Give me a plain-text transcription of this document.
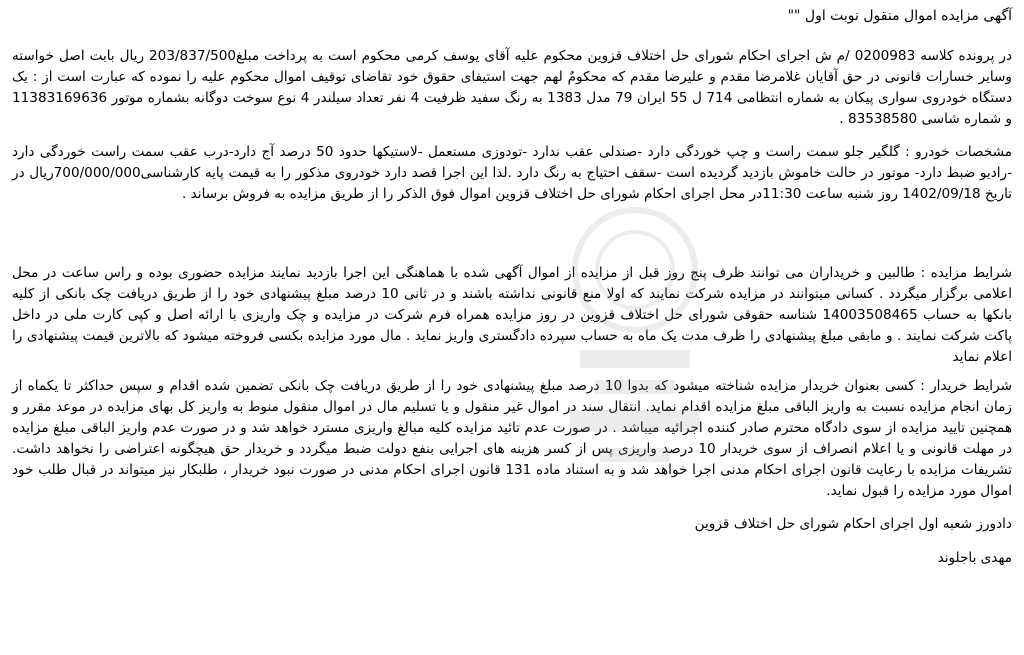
آگهی مزایده اموال منقول نوبت اول ""

در پرونده کلاسه 0200983 /م ش اجرای احکام شورای حل اختلاف قزوین محکوم علیه آقای یوسف کرمی محکوم است به پرداخت مبلغ203/837/500 ریال بابت اصل خواسته وسایر خسارات قانونی در حق آقایان غلامرضا مقدم و علیرضا مقدم که محکومٌ لهم جهت استیفای حقوق خود تقاضای توقیف اموال محکوم علیه را نموده که عبارت است از : یک دستگاه خودروی سواری پیکان به شماره انتظامی 714 ل 55 ایران 79 مدل 1383 به رنگ سفید ظرفیت 4 نفر تعداد سیلندر 4 نوع سوخت دوگانه بشماره موتور 11383169636 و شماره شاسی 83538580 .

مشخصات خودرو : گلگیر جلو سمت راست و چپ خوردگی دارد -صندلی عقب ندارد -تودوزی مستعمل -لاستیکها حدود 50 درصد آج دارد-درب عقب سمت راست خوردگی دارد -رادیو ضبط دارد- موتور در حالت خاموش بازدید گردیده است -سقف احتیاج به رنگ دارد .لذا این اجرا قصد دارد خودروی مذکور را به قیمت پایه کارشناسی700/000/000ریال در تاریخ 1402/09/18 روز شنبه ساعت 11:30در محل اجرای احکام شورای حل اختلاف قزوین اموال فوق الذکر را از طریق مزایده به فروش برساند .

شرایط مزایده : طالبین و خریداران می توانند ظرف پنج روز قبل از مزایده از اموال آگهی شده با هماهنگی این اجرا بازدید نمایند مزایده حضوری بوده و راس ساعت در محل اعلامی برگزار میگردد . کسانی میتوانند در مزایده شرکت نمایند که اولا منع قانونی نداشته باشند و در ثانی 10 درصد مبلغ پیشنهادی خود را از طریق دریافت چک بانکی از کلیه بانکها به حساب 14003508465 شناسه حقوقی شورای حل اختلاف قزوین در روز مزایده همراه فرم شرکت در مزایده و چک واریزی با ارائه اصل و کپی کارت ملی در داخل پاکت شرکت نمایند . و مابقی مبلغ پیشنهادی را ظرف مدت یک ماه به حساب سپرده دادگستری واریز نماید . مال مورد مزایده بکسی فروخته میشود که بالاترین قیمت پیشنهادی را اعلام نماید

شرایط خریدار : کسی بعنوان خریدار مزایده شناخته میشود که بدوا 10 درصد مبلغ پیشنهادی خود را از طریق دریافت چک بانکی تضمین شده اقدام و سپس حداکثر تا یکماه از زمان انجام مزایده نسبت به واریز الباقی مبلغ مزایده اقدام نماید. انتقال سند در اموال غیر منقول و یا تسلیم مال در اموال منقول منوط به واریز کل بهای مزایده در موعد مقرر و همچنین تایید مزایده از سوی دادگاه محترم صادر کننده اجرائیه میباشد . در صورت عدم تائید مزایده کلیه مبالغ واریزی مسترد خواهد شد و در صورت عدم واریز الباقی مبلغ مزایده در مهلت قانونی و یا اعلام انصراف از سوی خریدار 10 درصد واریزی پس از کسر هزینه های اجرایی بنفع دولت ضبط میگردد و خریدار حق هیچگونه اعتراضی را نخواهد داشت. تشریفات مزایده با رعایت قانون اجرای احکام مدنی اجرا خواهد شد و به استناد ماده 131 قانون اجرای احکام مدنی در صورت نبود خریدار ، طلبکار نیز میتواند در قبال طلب خود اموال مورد مزایده را قبول نماید.

دادورز شعبه اول اجرای احکام شورای حل اختلاف قزوین

مهدی باجلوند
